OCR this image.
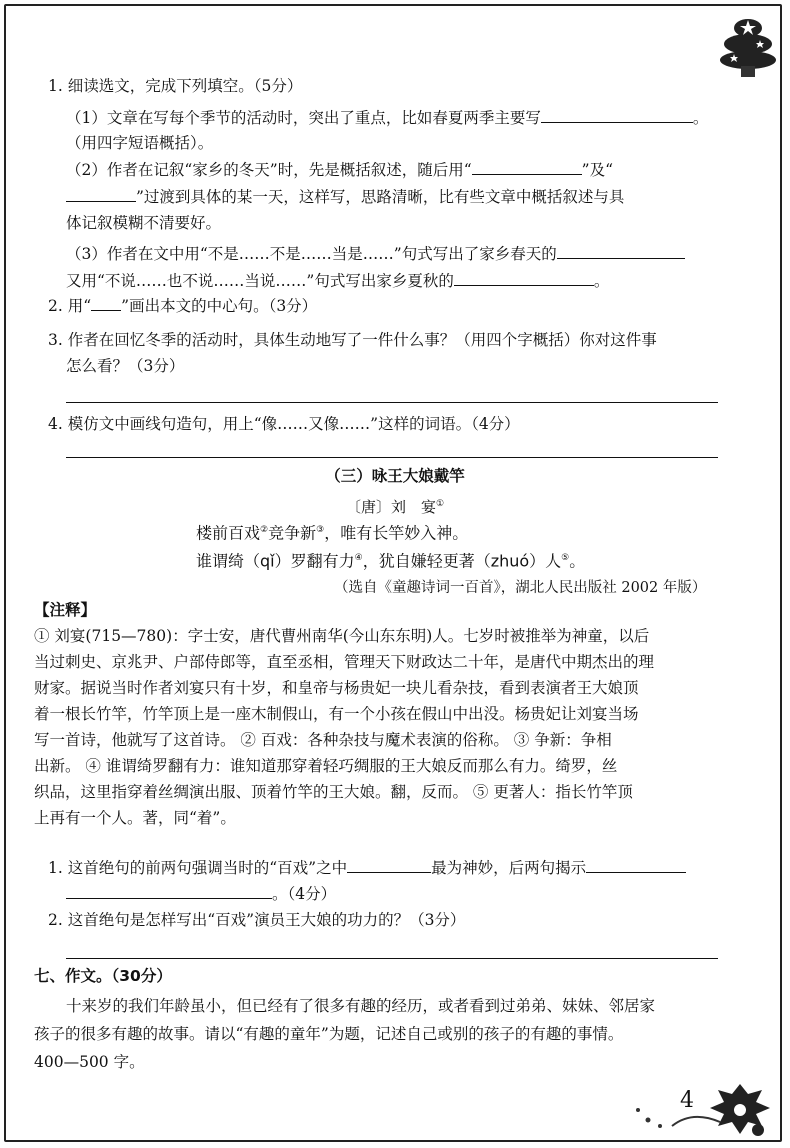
1. 细读选文，完成下列填空。（5分）
（1）文章在写每个季节的活动时，突出了重点，比如春夏两季主要写	。
（用四字短语概括）。
（2）作者在记叙“家乡的冬天”时，先是概括叙述，随后用“	”及“
”过渡到具体的某一天，这样写，思路清晰，比有些文章中概括叙述与具
体记叙模糊不清要好。
（3）作者在文中用“不是……不是……当是……”句式写出了家乡春天的
又用“不说……也不说……当说……”句式写出家乡夏秋的	。
2. 用“ ”画出本文的中心句。（3分）
3. 作者在回忆冬季的活动时，具体生动地写了一件什么事？（用四个字概括）你对这件事
怎么看？（3分）
4. 模仿文中画线句造句，用上“像……又像……”这样的词语。（4分）
（三）咏王大娘戴竿
〔唐〕刘　宴①
楼前百戏②竞争新③，唯有长竿妙入神。
谁谓绮（qǐ）罗翻有力④，犹自嫌轻更著（zhuó）人⑤。
（选自《童趣诗词一百首》，湖北人民出版社 2002 年版）
【注释】
① 刘宴(715—780)：字士安，唐代曹州南华(今山东东明)人。七岁时被推举为神童，以后
当过刺史、京兆尹、户部侍郎等，直至丞相，管理天下财政达二十年，是唐代中期杰出的理
财家。据说当时作者刘宴只有十岁，和皇帝与杨贵妃一块儿看杂技，看到表演者王大娘顶
着一根长竹竿，竹竿顶上是一座木制假山，有一个小孩在假山中出没。杨贵妃让刘宴当场
写一首诗，他就写了这首诗。 ② 百戏：各种杂技与魔术表演的俗称。 ③ 争新：争相
出新。 ④ 谁谓绮罗翻有力：谁知道那穿着轻巧绸服的王大娘反而那么有力。绮罗，丝
织品，这里指穿着丝绸演出服、顶着竹竿的王大娘。翻，反而。 ⑤ 更著人：指长竹竿顶
上再有一个人。著，同“着”。
1. 这首绝句的前两句强调当时的“百戏”之中	最为神妙，后两句揭示
。（4分）
2. 这首绝句是怎样写出“百戏”演员王大娘的功力的？（3分）
七、作文。（30分）
十来岁的我们年龄虽小，但已经有了很多有趣的经历，或者看到过弟弟、妹妹、邻居家
孩子的很多有趣的故事。请以“有趣的童年”为题，记述自己或别的孩子的有趣的事情。
400—500 字。
4
